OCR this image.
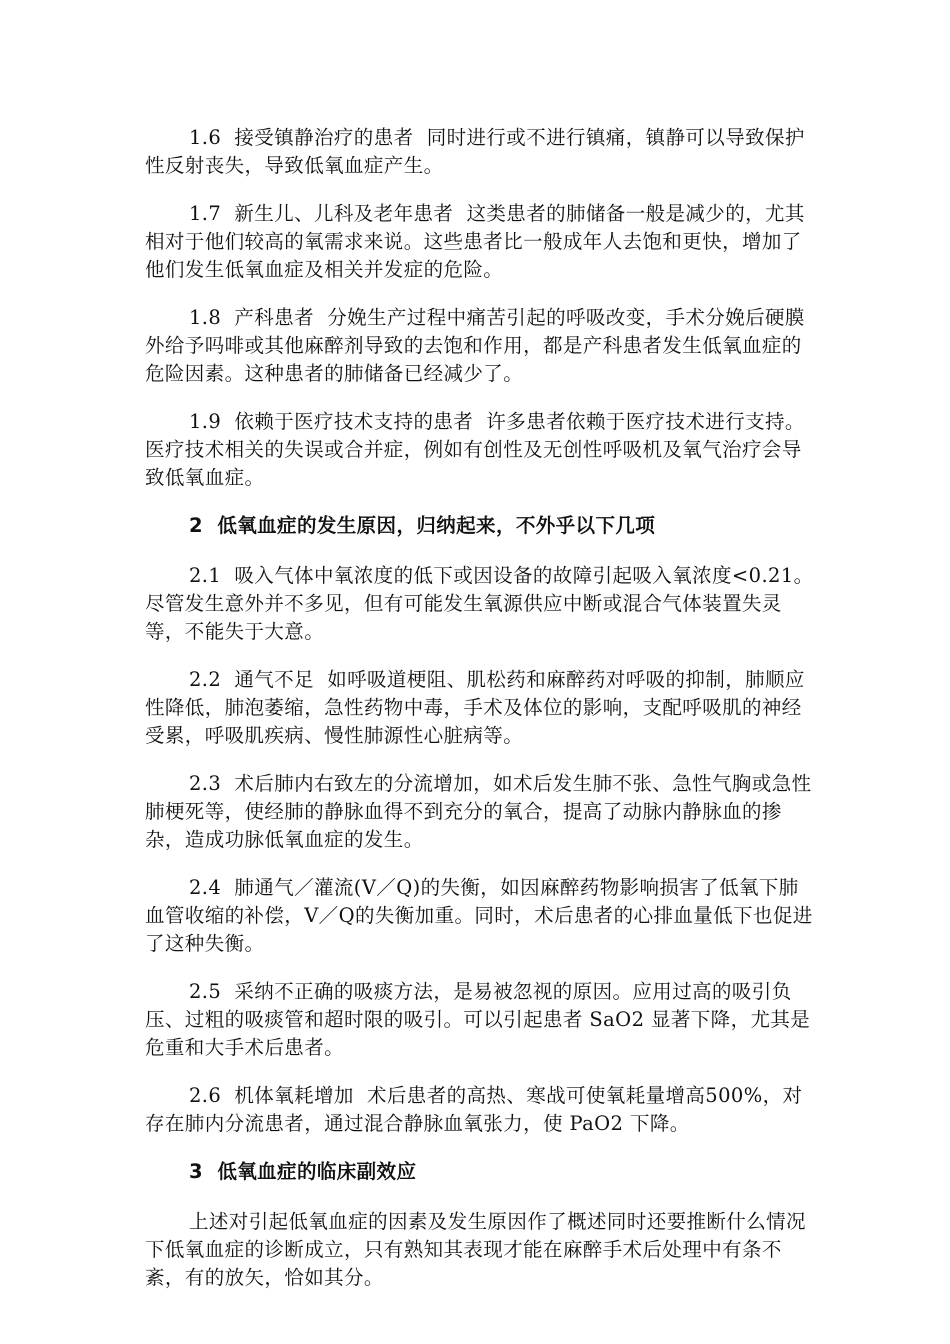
1.6  接受镇静治疗的患者  同时进行或不进行镇痛，镇静可以导致保护性反射丧失，导致低氧血症产生。

1.7  新生儿、儿科及老年患者  这类患者的肺储备一般是减少的，尤其相对于他们较高的氧需求来说。这些患者比一般成年人去饱和更快，增加了他们发生低氧血症及相关并发症的危险。

1.8  产科患者  分娩生产过程中痛苦引起的呼吸改变，手术分娩后硬膜外给予吗啡或其他麻醉剂导致的去饱和作用，都是产科患者发生低氧血症的危险因素。这种患者的肺储备已经减少了。

1.9  依赖于医疗技术支持的患者  许多患者依赖于医疗技术进行支持。医疗技术相关的失误或合并症，例如有创性及无创性呼吸机及氧气治疗会导致低氧血症。

2  低氧血症的发生原因，归纳起来，不外乎以下几项

2.1  吸入气体中氧浓度的低下或因设备的故障引起吸入氧浓度<0.21。尽管发生意外并不多见，但有可能发生氧源供应中断或混合气体装置失灵等，不能失于大意。

2.2  通气不足  如呼吸道梗阻、肌松药和麻醉药对呼吸的抑制，肺顺应性降低，肺泡萎缩，急性药物中毒，手术及体位的影响，支配呼吸肌的神经受累，呼吸肌疾病、慢性肺源性心脏病等。

2.3  术后肺内右致左的分流增加，如术后发生肺不张、急性气胸或急性肺梗死等，使经肺的静脉血得不到充分的氧合，提高了动脉内静脉血的掺杂，造成功脉低氧血症的发生。

2.4  肺通气／灌流(V／Q)的失衡，如因麻醉药物影响损害了低氧下肺血管收缩的补偿，V／Q的失衡加重。同时，术后患者的心排血量低下也促进了这种失衡。

2.5  采纳不正确的吸痰方法，是易被忽视的原因。应用过高的吸引负压、过粗的吸痰管和超时限的吸引。可以引起患者 SaO2 显著下降，尤其是危重和大手术后患者。

2.6  机体氧耗增加  术后患者的高热、寒战可使氧耗量增高500%，对存在肺内分流患者，通过混合静脉血氧张力，使 PaO2 下降。

3  低氧血症的临床副效应

上述对引起低氧血症的因素及发生原因作了概述同时还要推断什么情况下低氧血症的诊断成立，只有熟知其表现才能在麻醉手术后处理中有条不紊，有的放矢，恰如其分。
